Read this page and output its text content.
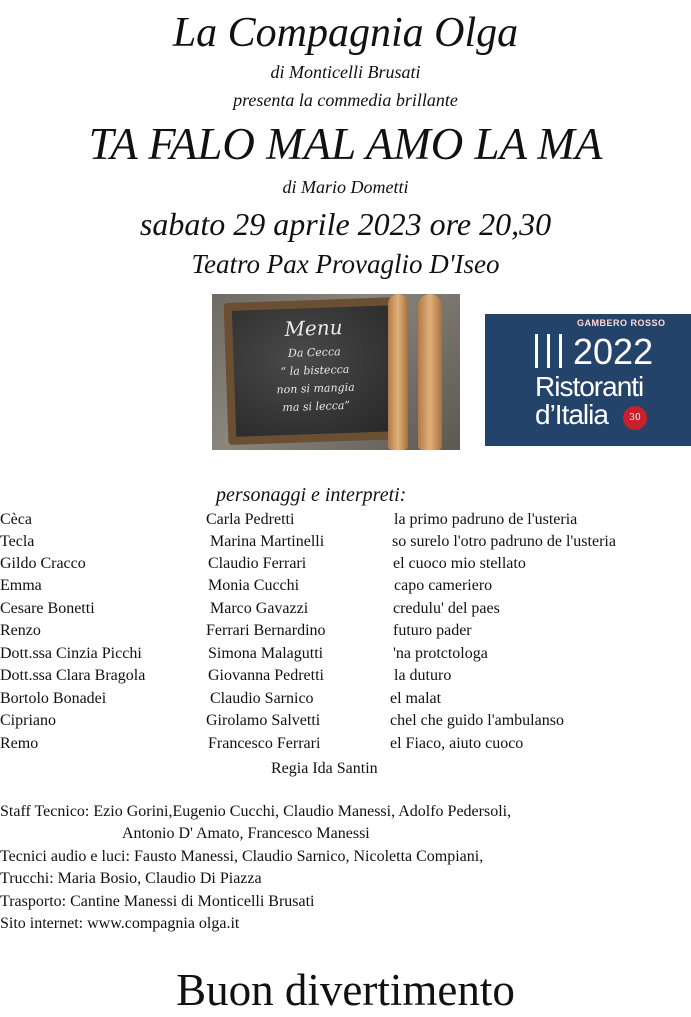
La Compagnia Olga
di Monticelli Brusati
presenta la commedia brillante
TA FALO MAL AMO LA MA
di Mario Dometti
sabato 29 aprile 2023 ore 20,30
Teatro Pax Provaglio D'Iseo
Menu
Da Cecca
“ la bistecca
non si mangia
ma si lecca”
GAMBERO ROSSO
2022
Ristoranti
d’Italia	30
personaggi e interpreti:
Cèca	Carla Pedretti	la primo padruno de l'usteria
Tecla	Marina Martinelli	so surelo l'otro padruno de l'usteria
Gildo Cracco	Claudio Ferrari	el cuoco mio stellato
Emma	Monia Cucchi	capo cameriero
Cesare Bonetti	Marco Gavazzi	credulu' del paes
Renzo	Ferrari Bernardino	futuro pader
Dott.ssa Cinzia Picchi	Simona Malagutti	'na protctologa
Dott.ssa Clara Bragola	Giovanna Pedretti	la duturo
Bortolo Bonadei	Claudio Sarnico	el malat
Cipriano	Girolamo Salvetti	chel che guido l'ambulanso
Remo	Francesco Ferrari	el Fiaco, aiuto cuoco
Regia Ida Santin
Staff Tecnico: Ezio Gorini,Eugenio Cucchi, Claudio Manessi, Adolfo Pedersoli,
Antonio D' Amato, Francesco Manessi
Tecnici audio e luci: Fausto Manessi, Claudio Sarnico, Nicoletta Compiani,
Trucchi: Maria Bosio, Claudio Di Piazza
Trasporto: Cantine Manessi di Monticelli Brusati
Sito internet: www.compagnia olga.it
Buon divertimento
